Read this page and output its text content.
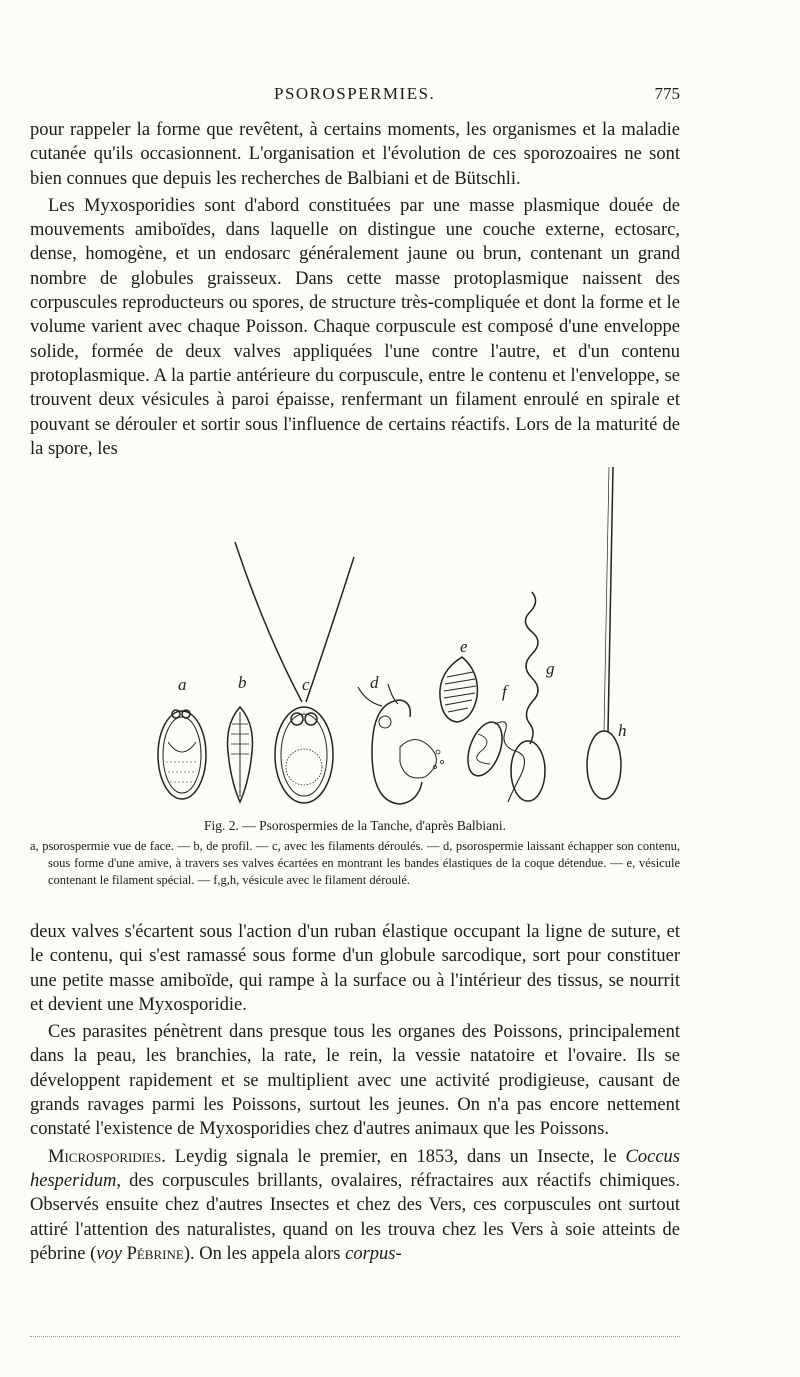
PSOROSPERMIES.	775

pour rappeler la forme que revêtent, à certains moments, les organismes et la maladie cutanée qu'ils occasionnent. L'organisation et l'évolution de ces sporozoaires ne sont bien connues que depuis les recherches de Balbiani et de Bütschli.

Les Myxosporidies sont d'abord constituées par une masse plasmique douée de mouvements amiboïdes, dans laquelle on distingue une couche externe, ectosarc, dense, homogène, et un endosarc généralement jaune ou brun, contenant un grand nombre de globules graisseux. Dans cette masse protoplasmique naissent des corpuscules reproducteurs ou spores, de structure très-compliquée et dont la forme et le volume varient avec chaque Poisson. Chaque corpuscule est composé d'une enveloppe solide, formée de deux valves appliquées l'une contre l'autre, et d'un contenu protoplasmique. A la partie antérieure du corpuscule, entre le contenu et l'enveloppe, se trouvent deux vésicules à paroi épaisse, renfermant un filament enroulé en spirale et pouvant se dérouler et sortir sous l'influence de certains réactifs. Lors de la maturité de la spore, les

a	b	c	d
e
f
g
h
Fig. 2. — Psorospermies de la Tanche, d'après Balbiani.

a, psorospermie vue de face. — b, de profil. — c, avec les filaments déroulés. — d, psorospermie laissant échapper son contenu, sous forme d'une amive, à travers ses valves écartées en montrant les bandes élastiques de la coque détendue. — e, vésicule contenant le filament spécial. — f,g,h, vésicule avec le filament déroulé.

deux valves s'écartent sous l'action d'un ruban élastique occupant la ligne de suture, et le contenu, qui s'est ramassé sous forme d'un globule sarcodique, sort pour constituer une petite masse amiboïde, qui rampe à la surface ou à l'intérieur des tissus, se nourrit et devient une Myxosporidie.

Ces parasites pénètrent dans presque tous les organes des Poissons, principalement dans la peau, les branchies, la rate, le rein, la vessie natatoire et l'ovaire. Ils se développent rapidement et se multiplient avec une activité prodigieuse, causant de grands ravages parmi les Poissons, surtout les jeunes. On n'a pas encore nettement constaté l'existence de Myxosporidies chez d'autres animaux que les Poissons.

Microsporidies. Leydig signala le premier, en 1853, dans un Insecte, le Coccus hesperidum, des corpuscules brillants, ovalaires, réfractaires aux réactifs chimiques. Observés ensuite chez d'autres Insectes et chez des Vers, ces corpuscules ont surtout attiré l'attention des naturalistes, quand on les trouva chez les Vers à soie atteints de pébrine (voy Pébrine). On les appela alors corpus-
